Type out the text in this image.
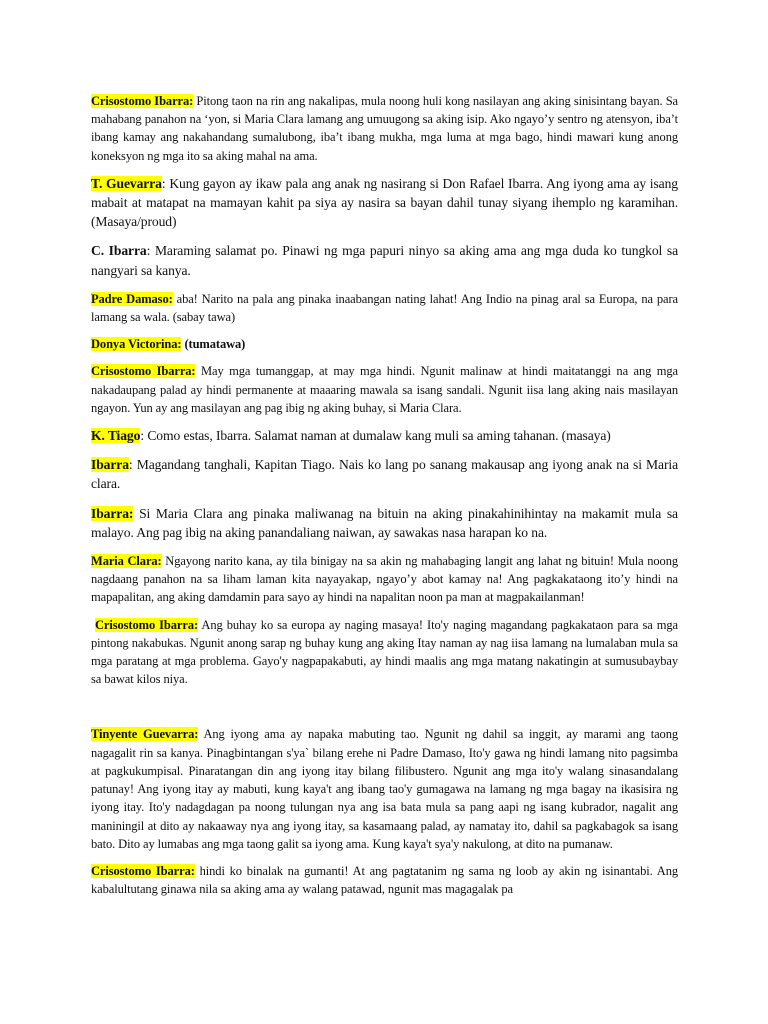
Crisostomo Ibarra: Pitong taon na rin ang nakalipas, mula noong huli kong nasilayan ang aking sinisintang bayan. Sa mahabang panahon na ‘yon, si Maria Clara lamang ang umuugong sa aking isip. Ako ngayo’y sentro ng atensyon, iba’t ibang kamay ang nakahandang sumalubong, iba’t ibang mukha, mga luma at mga bago, hindi mawari kung anong koneksyon ng mga ito sa aking mahal na ama.

T. Guevarra: Kung gayon ay ikaw pala ang anak ng nasirang si Don Rafael Ibarra. Ang iyong ama ay isang mabait at matapat na mamayan kahit pa siya ay nasira sa bayan dahil tunay siyang ihemplo ng karamihan. (Masaya/proud)

C. Ibarra: Maraming salamat po. Pinawi ng mga papuri ninyo sa aking ama ang mga duda ko tungkol sa nangyari sa kanya.

Padre Damaso: aba! Narito na pala ang pinaka inaabangan nating lahat! Ang Indio na pinag aral sa Europa, na para lamang sa wala. (sabay tawa)

Donya Victorina: (tumatawa)

Crisostomo Ibarra: May mga tumanggap, at may mga hindi. Ngunit malinaw at hindi maitatanggi na ang mga nakadaupang palad ay hindi permanente at maaaring mawala sa isang sandali. Ngunit iisa lang aking nais masilayan ngayon. Yun ay ang masilayan ang pag ibig ng aking buhay, si Maria Clara.

K. Tiago: Como estas, Ibarra. Salamat naman at dumalaw kang muli sa aming tahanan. (masaya)

Ibarra: Magandang tanghali, Kapitan Tiago. Nais ko lang po sanang makausap ang iyong anak na si Maria clara.

Ibarra: Si Maria Clara ang pinaka maliwanag na bituin na aking pinakahinihintay na makamit mula sa malayo. Ang pag ibig na aking panandaliang naiwan, ay sawakas nasa harapan ko na.

Maria Clara: Ngayong narito kana, ay tila binigay na sa akin ng mahabaging langit ang lahat ng bituin! Mula noong nagdaang panahon na sa liham laman kita nayayakap, ngayo’y abot kamay na! Ang pagkakataong ito’y hindi na mapapalitan, ang aking damdamin para sayo ay hindi na napalitan noon pa man at magpakailanman!

Crisostomo Ibarra: Ang buhay ko sa europa ay naging masaya! Ito'y naging magandang pagkakataon para sa mga pintong nakabukas. Ngunit anong sarap ng buhay kung ang aking Itay naman ay nag iisa lamang na lumalaban mula sa mga paratang at mga problema. Gayo'y nagpapakabuti, ay hindi maalis ang mga matang nakatingin at sumusubaybay sa bawat kilos niya.

Tinyente Guevarra: Ang iyong ama ay napaka mabuting tao. Ngunit ng dahil sa inggit, ay marami ang taong nagagalit rin sa kanya. Pinagbintangan s'ya` bilang erehe ni Padre Damaso, Ito'y gawa ng hindi lamang nito pagsimba at pagkukumpisal. Pinaratangan din ang iyong itay bilang filibustero. Ngunit ang mga ito'y walang sinasandalang patunay! Ang iyong itay ay mabuti, kung kaya't ang ibang tao'y gumagawa na lamang ng mga bagay na ikasisira ng iyong itay. Ito'y nadagdagan pa noong tulungan nya ang isa bata mula sa pang aapi ng isang kubrador, nagalit ang maniningil at dito ay nakaaway nya ang iyong itay, sa kasamaang palad, ay namatay ito, dahil sa pagkabagok sa isang bato. Dito ay lumabas ang mga taong galit sa iyong ama. Kung kaya't sya'y nakulong, at dito na pumanaw.

Crisostomo Ibarra: hindi ko binalak na gumanti! At ang pagtatanim ng sama ng loob ay akin ng isinantabi. Ang kabalultutang ginawa nila sa aking ama ay walang patawad, ngunit mas magagalak pa
